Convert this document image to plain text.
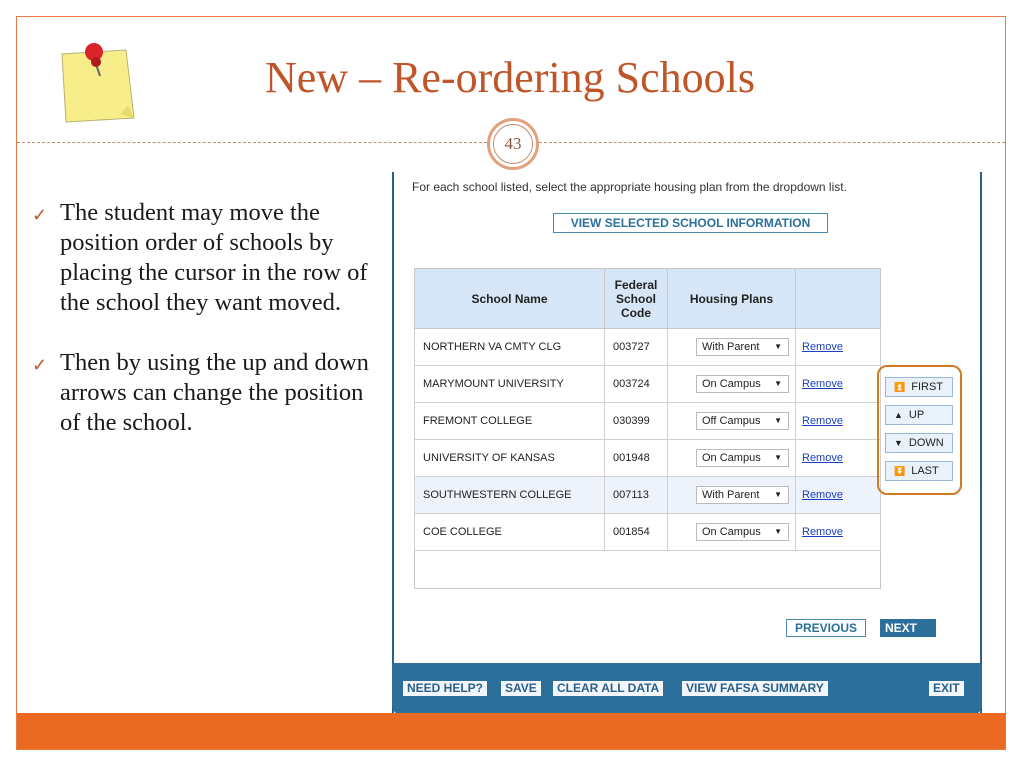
New – Re-ordering Schools
43
✓ The student may move the position order of schools by placing the cursor in the row of the school they want moved.
✓ Then by using the up and down arrows can change the position of the school.
For each school listed, select the appropriate housing plan from the dropdown list.
VIEW SELECTED SCHOOL INFORMATION
School Name	Federal School Code	Housing Plans	
NORTHERN VA CMTY CLG	003727	With Parent ▼	Remove
MARYMOUNT UNIVERSITY	003724	On Campus ▼	Remove
FREMONT COLLEGE	030399	Off Campus ▼	Remove
UNIVERSITY OF KANSAS	001948	On Campus ▼	Remove
SOUTHWESTERN COLLEGE	007113	With Parent ▼	Remove
COE COLLEGE	001854	On Campus ▼	Remove
⏫ FIRST
▲ UP
▼ DOWN
⏬ LAST
PREVIOUS	NEXT
NEED HELP?	SAVE	CLEAR ALL DATA	VIEW FAFSA SUMMARY	EXIT
